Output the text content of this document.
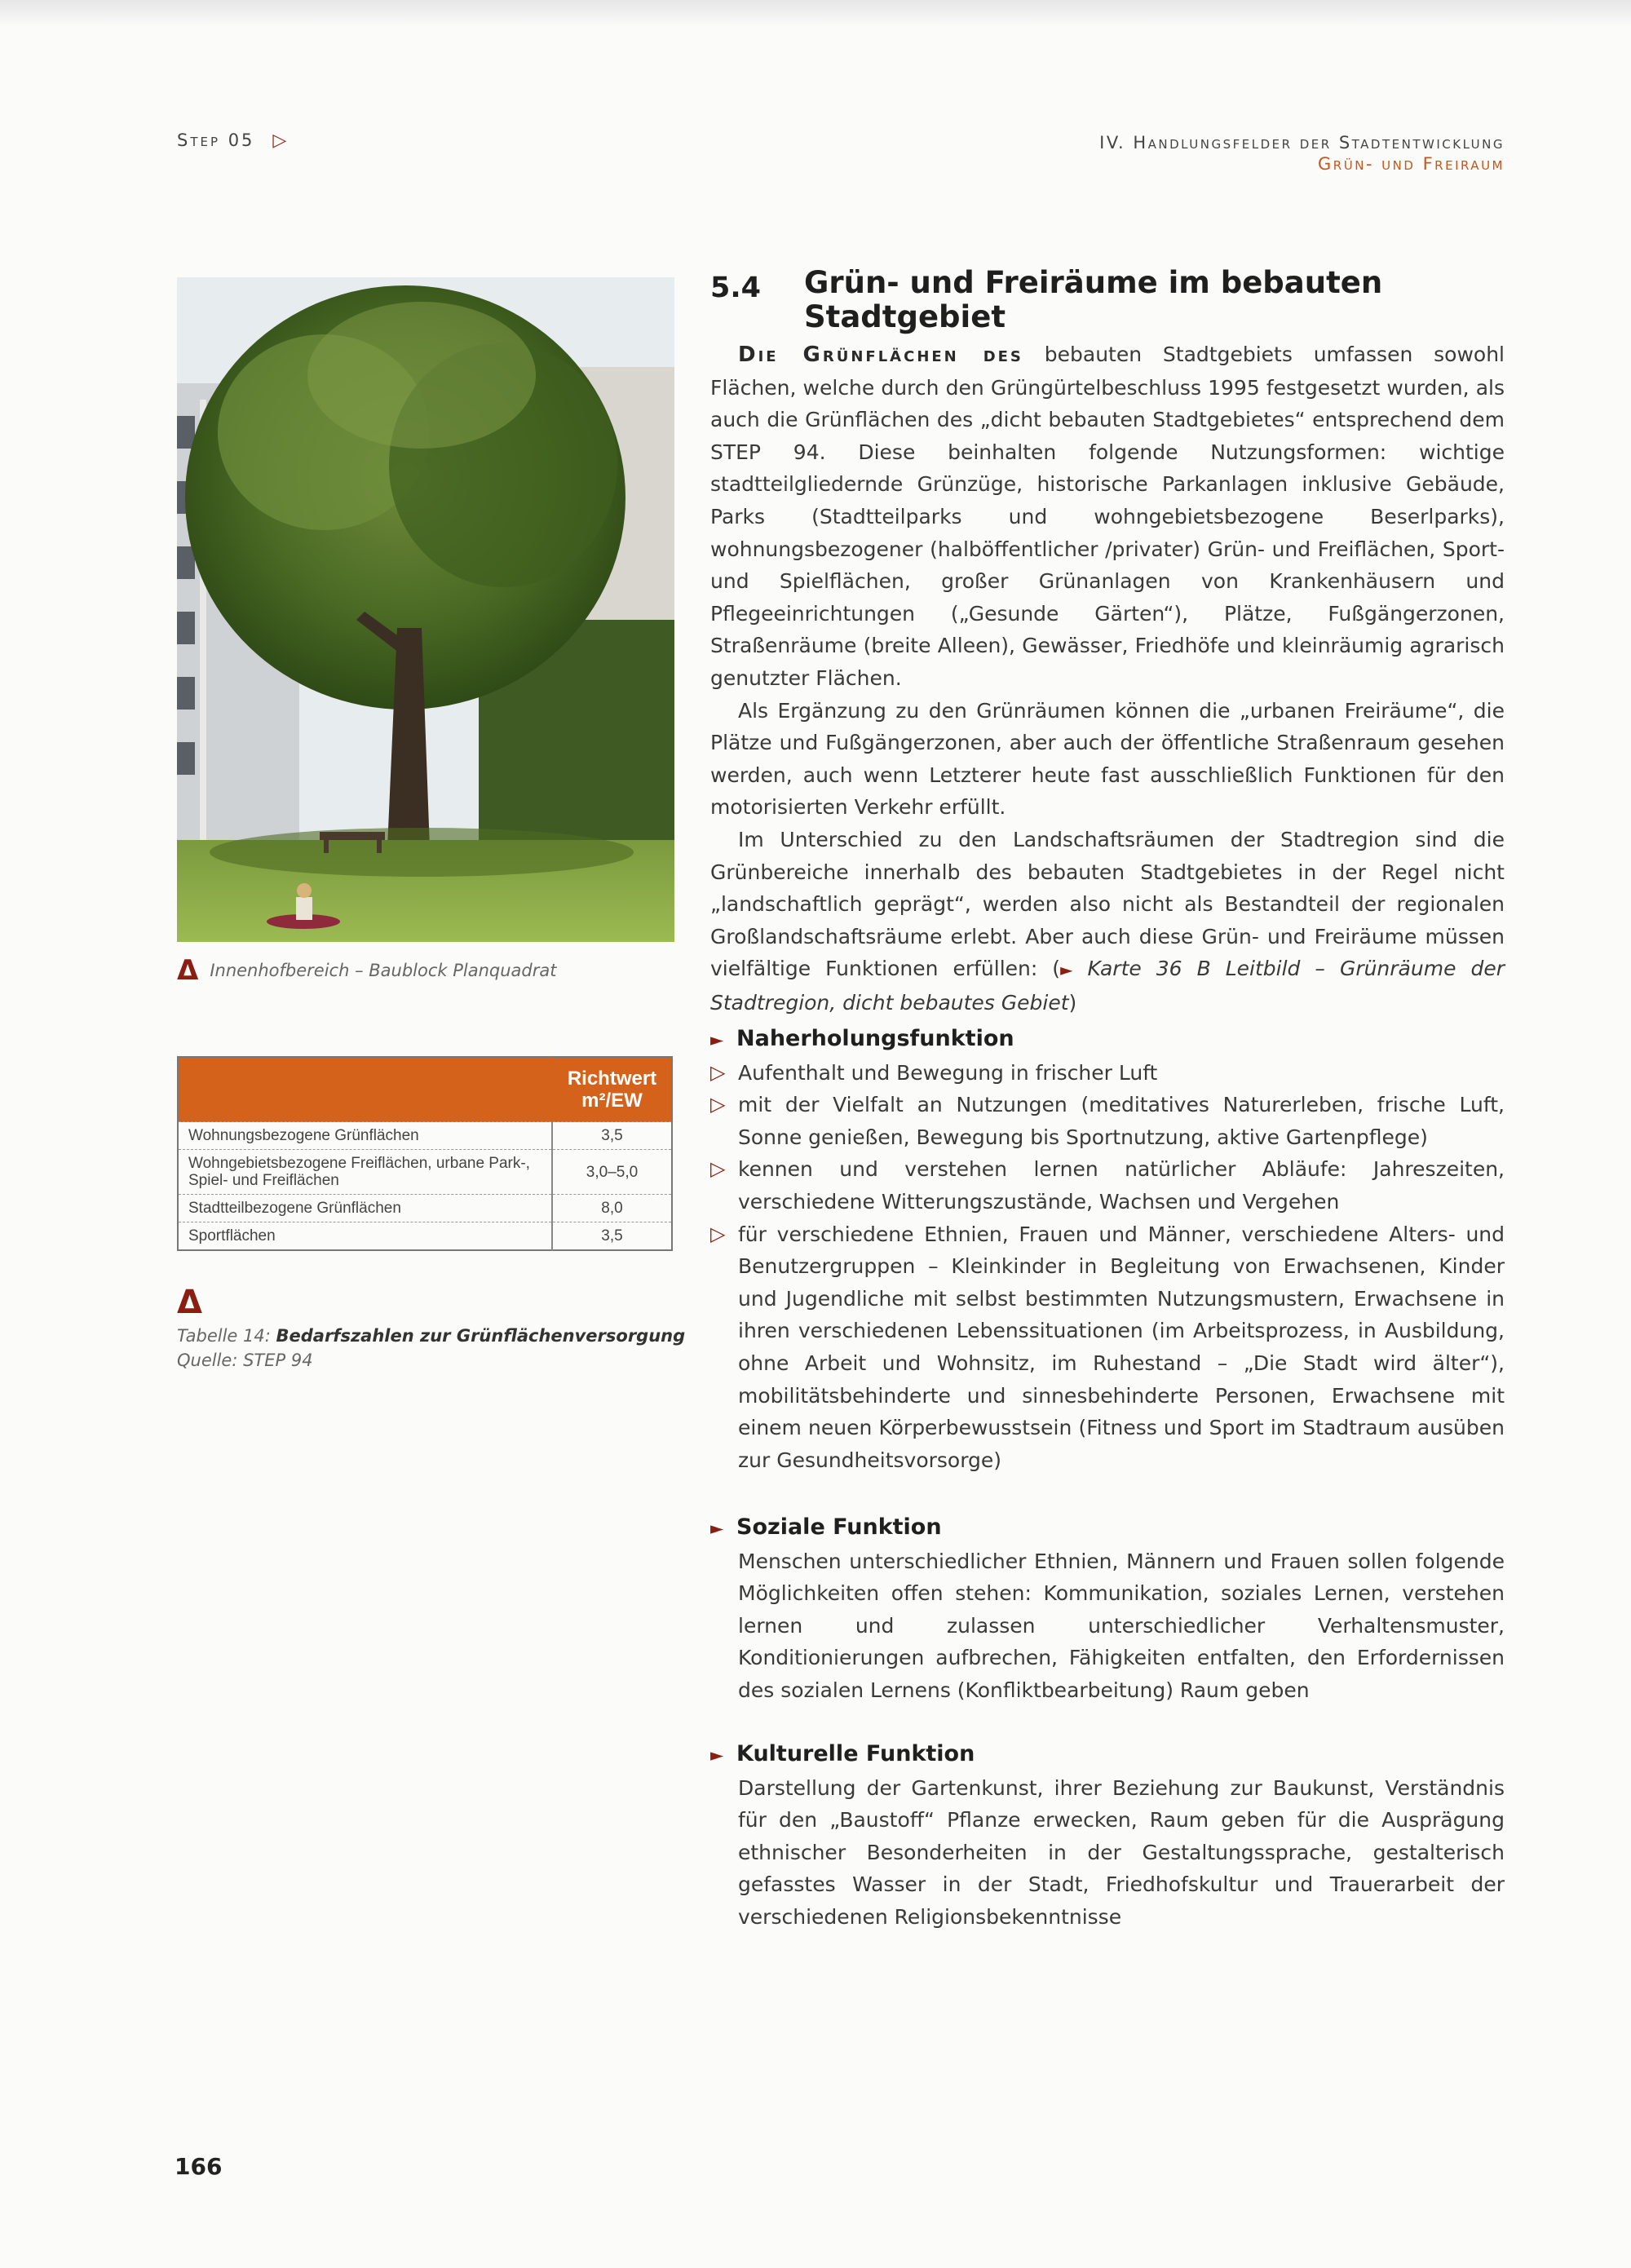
Step 05 ▷	IV. Handlungsfelder der Stadtentwicklung
Grün- und Freiraum
Δ Innenhofbereich – Baublock Planquadrat

	Richtwert
m²/EW

Wohnungsbezogene Grünflächen	3,5
Wohngebietsbezogene Freiflächen, urbane Park-, Spiel- und Freiflächen	3,0–5,0
Stadtteilbezogene Grünflächen	8,0
Sportflächen	3,5
Δ
Tabelle 14: Bedarfszahlen zur Grünflächenversorgung
Quelle: STEP 94
5.4 Grün- und Freiräume im bebauten Stadtgebiet

Die Grünflächen des bebauten Stadtgebiets umfassen sowohl Flächen, welche durch den Grüngürtelbeschluss 1995 festgesetzt wurden, als auch die Grünflächen des „dicht bebauten Stadtgebietes“ entsprechend dem STEP 94. Diese beinhalten folgende Nutzungsformen: wichtige stadtteilgliedernde Grünzüge, historische Parkanlagen inklusive Gebäude, Parks (Stadtteilparks und wohngebietsbezogene Beserlparks), wohnungsbezogener (halböffentlicher /privater) Grün- und Freiflächen, Sport- und Spielflächen, großer Grünanlagen von Krankenhäusern und Pflegeeinrichtungen („Gesunde Gärten“), Plätze, Fußgängerzonen, Straßenräume (breite Alleen), Gewässer, Friedhöfe und kleinräumig agrarisch genutzter Flächen.

Als Ergänzung zu den Grünräumen können die „urbanen Freiräume“, die Plätze und Fußgängerzonen, aber auch der öffentliche Straßenraum gesehen werden, auch wenn Letzterer heute fast ausschließlich Funktionen für den motorisierten Verkehr erfüllt.

Im Unterschied zu den Landschaftsräumen der Stadtregion sind die Grünbereiche innerhalb des bebauten Stadtgebietes in der Regel nicht „landschaftlich geprägt“, werden also nicht als Bestandteil der regionalen Großlandschaftsräume erlebt. Aber auch diese Grün- und Freiräume müssen vielfältige Funktionen erfüllen: (► Karte 36 B Leitbild – Grünräume der Stadtregion, dicht bebautes Gebiet)

► Naherholungsfunktion
▷ Aufenthalt und Bewegung in frischer Luft
▷ mit der Vielfalt an Nutzungen (meditatives Naturerleben, frische Luft, Sonne genießen, Bewegung bis Sportnutzung, aktive Gartenpflege)
▷ kennen und verstehen lernen natürlicher Abläufe: Jahreszeiten, verschiedene Witterungszustände, Wachsen und Vergehen
▷ für verschiedene Ethnien, Frauen und Männer, verschiedene Alters- und Benutzergruppen – Kleinkinder in Begleitung von Erwachsenen, Kinder und Jugendliche mit selbst bestimmten Nutzungsmustern, Erwachsene in ihren verschiedenen Lebenssituationen (im Arbeitsprozess, in Ausbildung, ohne Arbeit und Wohnsitz, im Ruhestand – „Die Stadt wird älter“), mobilitätsbehinderte und sinnesbehinderte Personen, Erwachsene mit einem neuen Körperbewusstsein (Fitness und Sport im Stadtraum ausüben zur Gesundheitsvorsorge)
► Soziale Funktion

Menschen unterschiedlicher Ethnien, Männern und Frauen sollen folgende Möglichkeiten offen stehen: Kommunikation, soziales Lernen, verstehen lernen und zulassen unterschiedlicher Verhaltensmuster, Konditionierungen aufbrechen, Fähigkeiten entfalten, den Erfordernissen des sozialen Lernens (Konfliktbearbeitung) Raum geben

► Kulturelle Funktion

Darstellung der Gartenkunst, ihrer Beziehung zur Baukunst, Verständnis für den „Baustoff“ Pflanze erwecken, Raum geben für die Ausprägung ethnischer Besonderheiten in der Gestaltungssprache, gestalterisch gefasstes Wasser in der Stadt, Friedhofskultur und Trauerarbeit der verschiedenen Religionsbekenntnisse

166
